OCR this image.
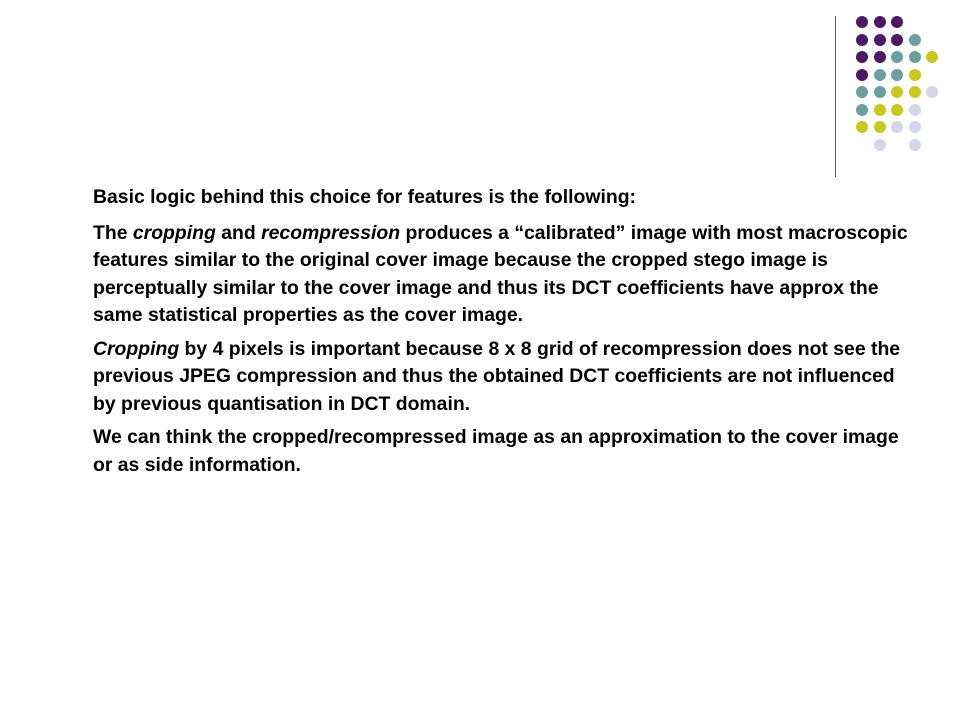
Basic logic behind this choice for features is the following:

The cropping and recompression produces a “calibrated” image with most macroscopic features similar to the original cover image because the cropped stego image is perceptually similar to the cover image and thus its DCT coefficients have approx the same statistical properties as the cover image.

Cropping by 4 pixels is important because 8 x 8 grid of recompression does not see the previous JPEG compression and thus the obtained DCT coefficients are not influenced by previous quantisation in DCT domain.

We can think the cropped/recompressed image as an approximation to the cover image or as side information.
